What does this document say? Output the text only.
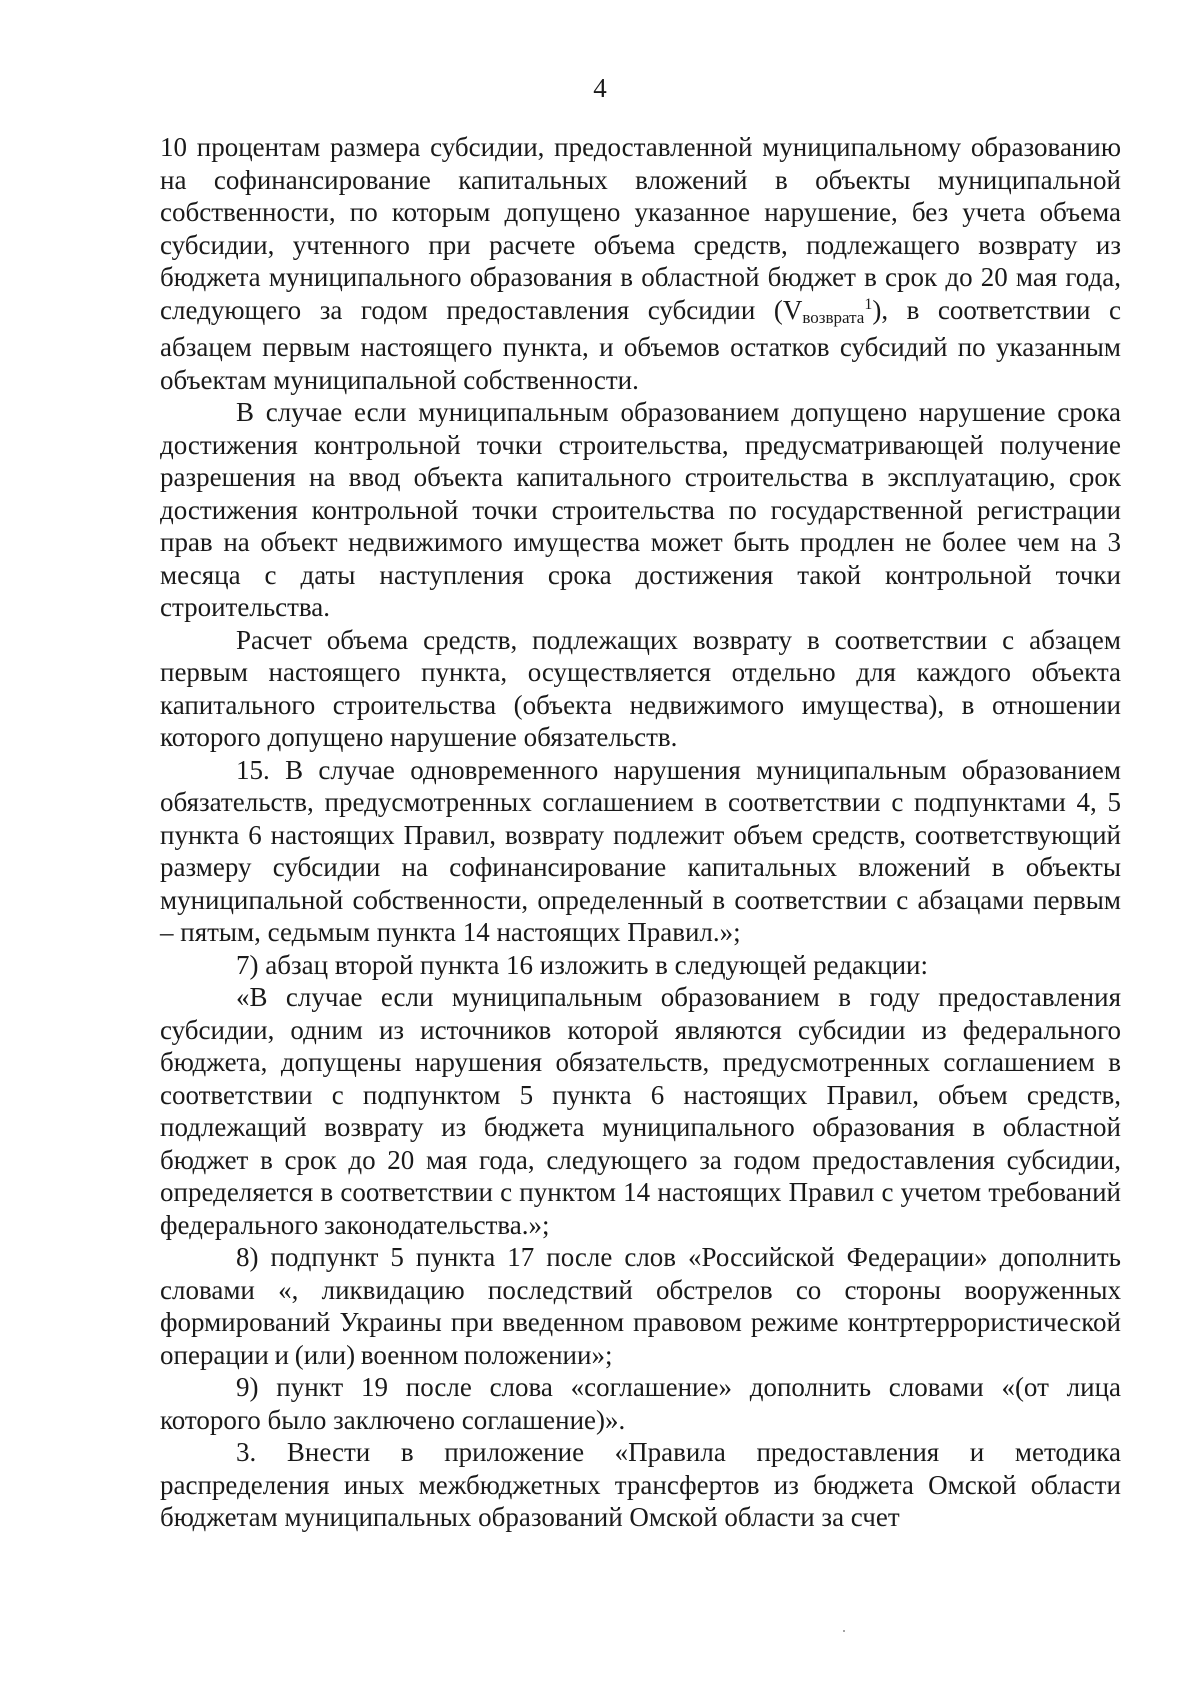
4

10 процентам размера субсидии, предоставленной муниципальному образованию на софинансирование капитальных вложений в объекты муниципальной собственности, по которым допущено указанное нарушение, без учета объема субсидии, учтенного при расчете объема средств, подлежащего возврату из бюджета муниципального образования в областной бюджет в срок до 20 мая года, следующего за годом предоставления субсидии (Vвозврата$^1$), в соответствии с абзацем первым настоящего пункта, и объемов остатков субсидий по указанным объектам муниципальной собственности.

В случае если муниципальным образованием допущено нарушение срока достижения контрольной точки строительства, предусматривающей получение разрешения на ввод объекта капитального строительства в эксплуатацию, срок достижения контрольной точки строительства по государственной регистрации прав на объект недвижимого имущества может быть продлен не более чем на 3 месяца с даты наступления срока достижения такой контрольной точки строительства.

Расчет объема средств, подлежащих возврату в соответствии с абзацем первым настоящего пункта, осуществляется отдельно для каждого объекта капитального строительства (объекта недвижимого имущества), в отношении которого допущено нарушение обязательств.

15. В случае одновременного нарушения муниципальным образованием обязательств, предусмотренных соглашением в соответствии с подпунктами 4, 5 пункта 6 настоящих Правил, возврату подлежит объем средств, соответствующий размеру субсидии на софинансирование капитальных вложений в объекты муниципальной собственности, определенный в соответствии с абзацами первым – пятым, седьмым пункта 14 настоящих Правил.»;

7) абзац второй пункта 16 изложить в следующей редакции:

«В случае если муниципальным образованием в году предоставления субсидии, одним из источников которой являются субсидии из федерального бюджета, допущены нарушения обязательств, предусмотренных соглашением в соответствии с подпунктом 5 пункта 6 настоящих Правил, объем средств, подлежащий возврату из бюджета муниципального образования в областной бюджет в срок до 20 мая года, следующего за годом предоставления субсидии, определяется в соответствии с пунктом 14 настоящих Правил с учетом требований федерального законодательства.»;

8) подпункт 5 пункта 17 после слов «Российской Федерации» дополнить словами «, ликвидацию последствий обстрелов со стороны вооруженных формирований Украины при введенном правовом режиме контртеррористической операции и (или) военном положении»;

9) пункт 19 после слова «соглашение» дополнить словами «(от лица которого было заключено соглашение)».

3. Внести в приложение «Правила предоставления и методика распределения иных межбюджетных трансфертов из бюджета Омской области бюджетам муниципальных образований Омской области за счет
